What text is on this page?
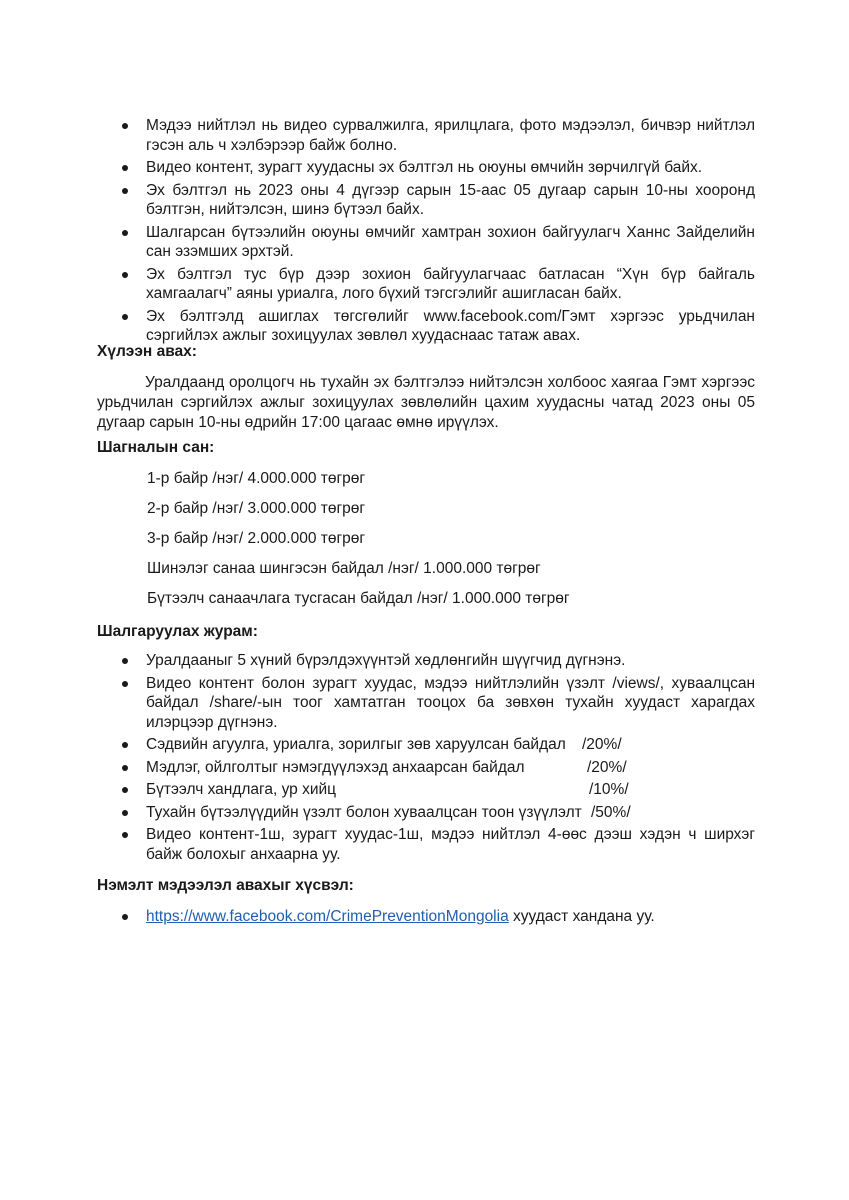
Мэдээ нийтлэл нь видео сурвалжилга, ярилцлага, фото мэдээлэл, бичвэр нийтлэл гэсэн аль ч хэлбэрээр байж болно.
Видео контент, зурагт хуудасны эх бэлтгэл нь оюуны өмчийн зөрчилгүй байх.
Эх бэлтгэл нь 2023 оны 4 дүгээр сарын 15-аас 05 дугаар сарын 10-ны хооронд бэлтгэн, нийтэлсэн, шинэ бүтээл байх.
Шалгарсан бүтээлийн оюуны өмчийг хамтран зохион байгуулагч Ханнс Зайделийн сан эзэмших эрхтэй.
Эх бэлтгэл тус бүр дээр зохион байгуулагчаас батласан “Хүн бүр байгаль хамгаалагч” аяны уриалга, лого бүхий тэгсгэлийг ашигласан байх.
Эх бэлтгэлд ашиглах төгсгөлийг www.facebook.com/Гэмт хэргээс урьдчилан сэргийлэх ажлыг зохицуулах зөвлөл хуудаснаас татаж авах.
Хүлээн авах:
Уралдаанд оролцогч нь тухайн эх бэлтгэлээ нийтэлсэн холбоос хаягаа Гэмт хэргээс урьдчилан сэргийлэх ажлыг зохицуулах зөвлөлийн цахим хуудасны чатад 2023 оны 05 дугаар сарын 10-ны өдрийн 17:00 цагаас өмнө ирүүлэх.
Шагналын сан:
1-р байр /нэг/ 4.000.000 төгрөг
2-р байр /нэг/ 3.000.000 төгрөг
3-р байр /нэг/ 2.000.000 төгрөг
Шинэлэг санаа шингэсэн байдал /нэг/ 1.000.000 төгрөг
Бүтээлч санаачлага тусгасан байдал /нэг/ 1.000.000 төгрөг
Шалгаруулах журам:
Уралдааныг 5 хүний бүрэлдэхүүнтэй хөдлөнгийн шүүгчид дүгнэнэ.
Видео контент болон зурагт хуудас, мэдээ нийтлэлийн үзэлт /views/, хуваалцсан байдал /share/-ын тоог хамтатган тооцох ба зөвхөн тухайн хуудаст харагдах илэрцээр дүгнэнэ.
Сэдвийн агуулга, уриалга, зорилгыг зөв харуулсан байдал /20%/
Мэдлэг, ойлголтыг нэмэгдүүлэхэд анхаарсан байдал	/20%/
Бүтээлч хандлага, ур хийц	/10%/
Тухайн бүтээлүүдийн үзэлт болон хуваалцсан тоон үзүүлэлт /50%/
Видео контент-1ш, зурагт хуудас-1ш, мэдээ нийтлэл 4-өөс дээш хэдэн ч ширхэг байж болохыг анхаарна уу.
Нэмэлт мэдээлэл авахыг хүсвэл:
https://www.facebook.com/CrimePreventionMongolia хуудаст хандана уу.
